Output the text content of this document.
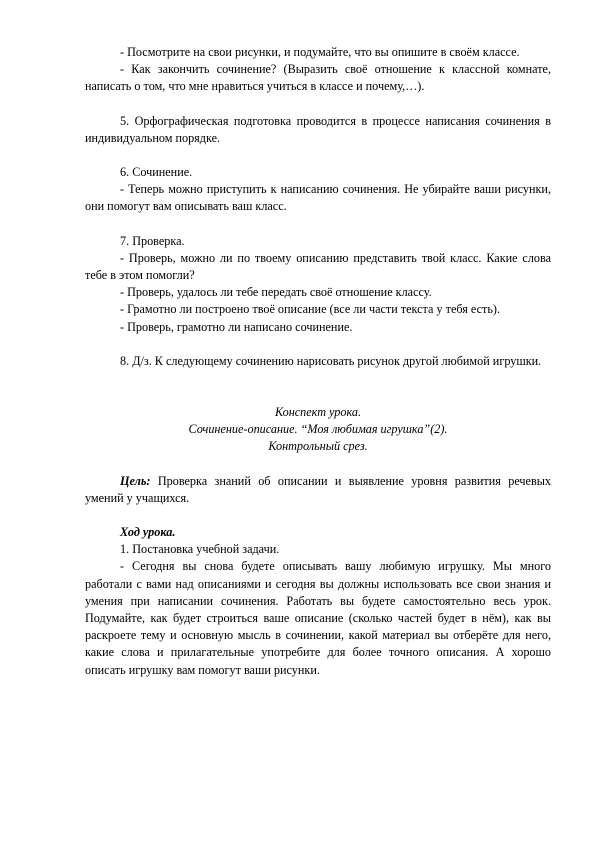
- Посмотрите на свои рисунки, и подумайте, что вы опишите в своём классе.

- Как закончить сочинение? (Выразить своё отношение к классной комнате, написать о том, что мне нравиться учиться в классе и почему,…).

5. Орфографическая подготовка проводится в процессе написания сочинения в индивидуальном порядке.

6. Сочинение.

- Теперь можно приступить к написанию сочинения. Не убирайте ваши рисунки, они помогут вам описывать ваш класс.

7. Проверка.

- Проверь, можно ли по твоему описанию представить твой класс. Какие слова тебе в этом помогли?

- Проверь, удалось ли тебе передать своё отношение классу.

- Грамотно ли построено твоё описание (все ли части текста у тебя есть).

- Проверь, грамотно ли написано сочинение.

8. Д/з. К следующему сочинению нарисовать рисунок другой любимой игрушки.

Конспект урока.

Сочинение-описание. “Моя любимая игрушка”(2).

Контрольный срез.

Цель: Проверка знаний об описании и выявление уровня развития речевых умений у учащихся.

Ход урока.

1. Постановка учебной задачи.

- Сегодня вы снова будете описывать вашу любимую игрушку. Мы много работали с вами над описаниями и сегодня вы должны использовать все свои знания и умения при написании сочинения. Работать вы будете самостоятельно весь урок. Подумайте, как будет строиться ваше описание (сколько частей будет в нём), как вы раскроете тему и основную мысль в сочинении, какой материал вы отберёте для него, какие слова и прилагательные употребите для более точного описания. А хорошо описать игрушку вам помогут ваши рисунки.
